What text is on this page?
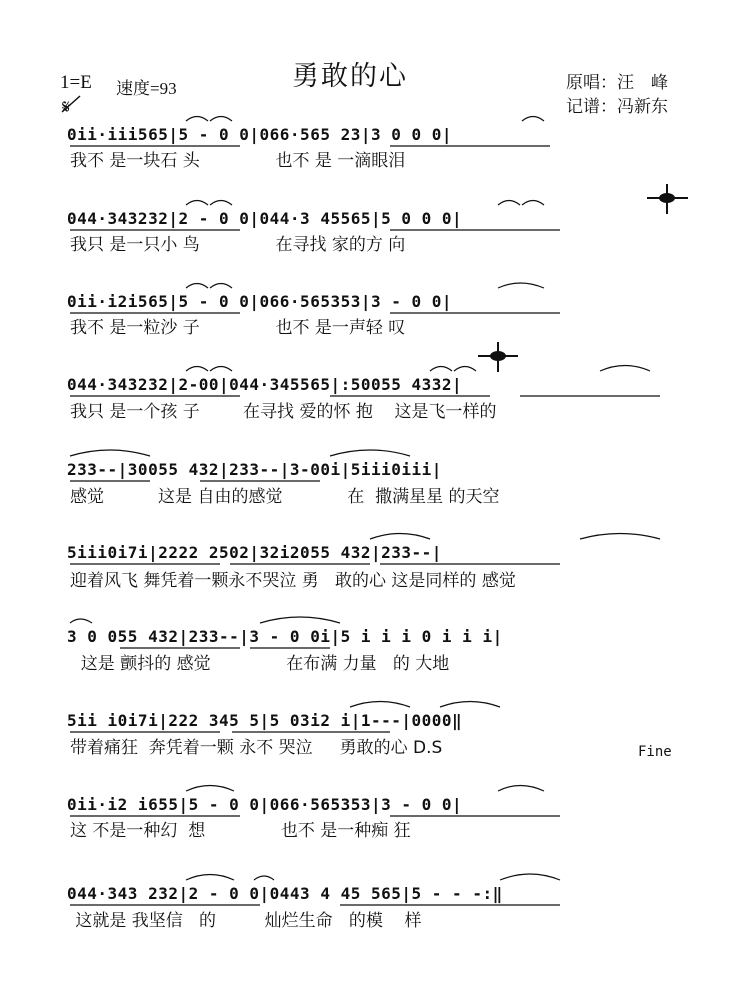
勇敢的心
1=E 速度=93
𝄋
原唱：汪　峰
记谱：冯新东
0ii·iii565|5 - 0 0|066·565 23|3 0 0 0|
我不 是一块石 头              也不 是 一滴眼泪
044·343232|2 - 0 0|044·3 45565|5 0 0 0|
我只 是一只小 鸟              在寻找 家的方 向
0ii·i2i565|5 - 0 0|066·565353|3 - 0 0|
我不 是一粒沙 子              也不 是一声轻 叹
044·343232|2-00|044·345565|:50055 4332|
我只 是一个孩 子        在寻找 爱的怀 抱    这是飞一样的
233--|30055 432|233--|3-00i|5iii0iii|
感觉          这是 自由的感觉            在  撒满星星 的天空
5iii0i7i|2222 2502|32i2055 432|233--|
迎着风飞 舞凭着一颗永不哭泣 勇   敢的心 这是同样的 感觉
3 0 055 432|233--|3 - 0 0i|5 i i i 0 i i i|
这是 颤抖的 感觉              在布满 力量   的 大地
5ii i0i7i|222 345 5|5 03i2 i|1---|0000‖
带着痛狂  奔凭着一颗 永不 哭泣     勇敢的心 D.S	Fine
0ii·i2 i655|5 - 0 0|066·565353|3 - 0 0|
这 不是一种幻  想              也不 是一种痴 狂
044·343 232|2 - 0 0|0443 4 45 565|5 - - -:‖
这就是 我坚信   的         灿烂生命   的模    样
